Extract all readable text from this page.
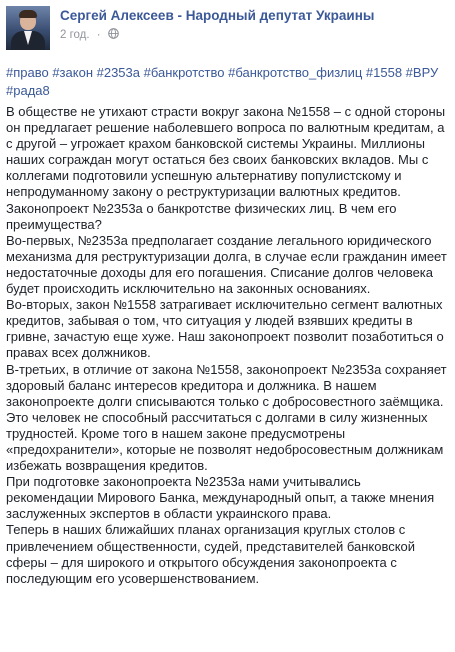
Сергей Алексеев - Народный депутат Украины
2 год. ·
#право #закон #2353а #банкротство #банкротство_физлиц #1558 #ВРУ #рада8

В обществе не утихают страсти вокруг закона №1558 – с одной стороны он предлагает решение наболевшего вопроса по валютным кредитам, а с другой – угрожает крахом банковской системы Украины. Миллионы наших сограждан могут остаться без своих банковских вкладов. Мы с коллегами подготовили успешную альтернативу популистскому и непродуманному закону о реструктуризации валютных кредитов.

Законопроект №2353а о банкротстве физических лиц. В чем его преимущества?

Во-первых, №2353а предполагает создание легального юридического механизма для реструктуризации долга, в случае если гражданин имеет недостаточные доходы для его погашения. Списание долгов человека будет происходить исключительно на законных основаниях.

Во-вторых, закон №1558 затрагивает исключительно сегмент валютных кредитов, забывая о том, что ситуация у людей взявших кредиты в гривне, зачастую еще хуже. Наш законопроект позволит позаботиться о правах всех должников.

В-третьих, в отличие от закона №1558, законопроект №2353а сохраняет здоровый баланс интересов кредитора и должника. В нашем законопроекте долги списываются только с добросовестного заёмщика. Это человек не способный рассчитаться с долгами в силу жизненных трудностей. Кроме того в нашем законе предусмотрены «предохранители», которые не позволят недобросовестным должникам избежать возвращения кредитов.

При подготовке законопроекта №2353а нами учитывались рекомендации Мирового Банка, международный опыт, а также мнения заслуженных экспертов в области украинского права.

Теперь в наших ближайших планах организация круглых столов с привлечением общественности, судей, представителей банковской сферы – для широкого и открытого обсуждения законопроекта с последующим его усовершенствованием.
